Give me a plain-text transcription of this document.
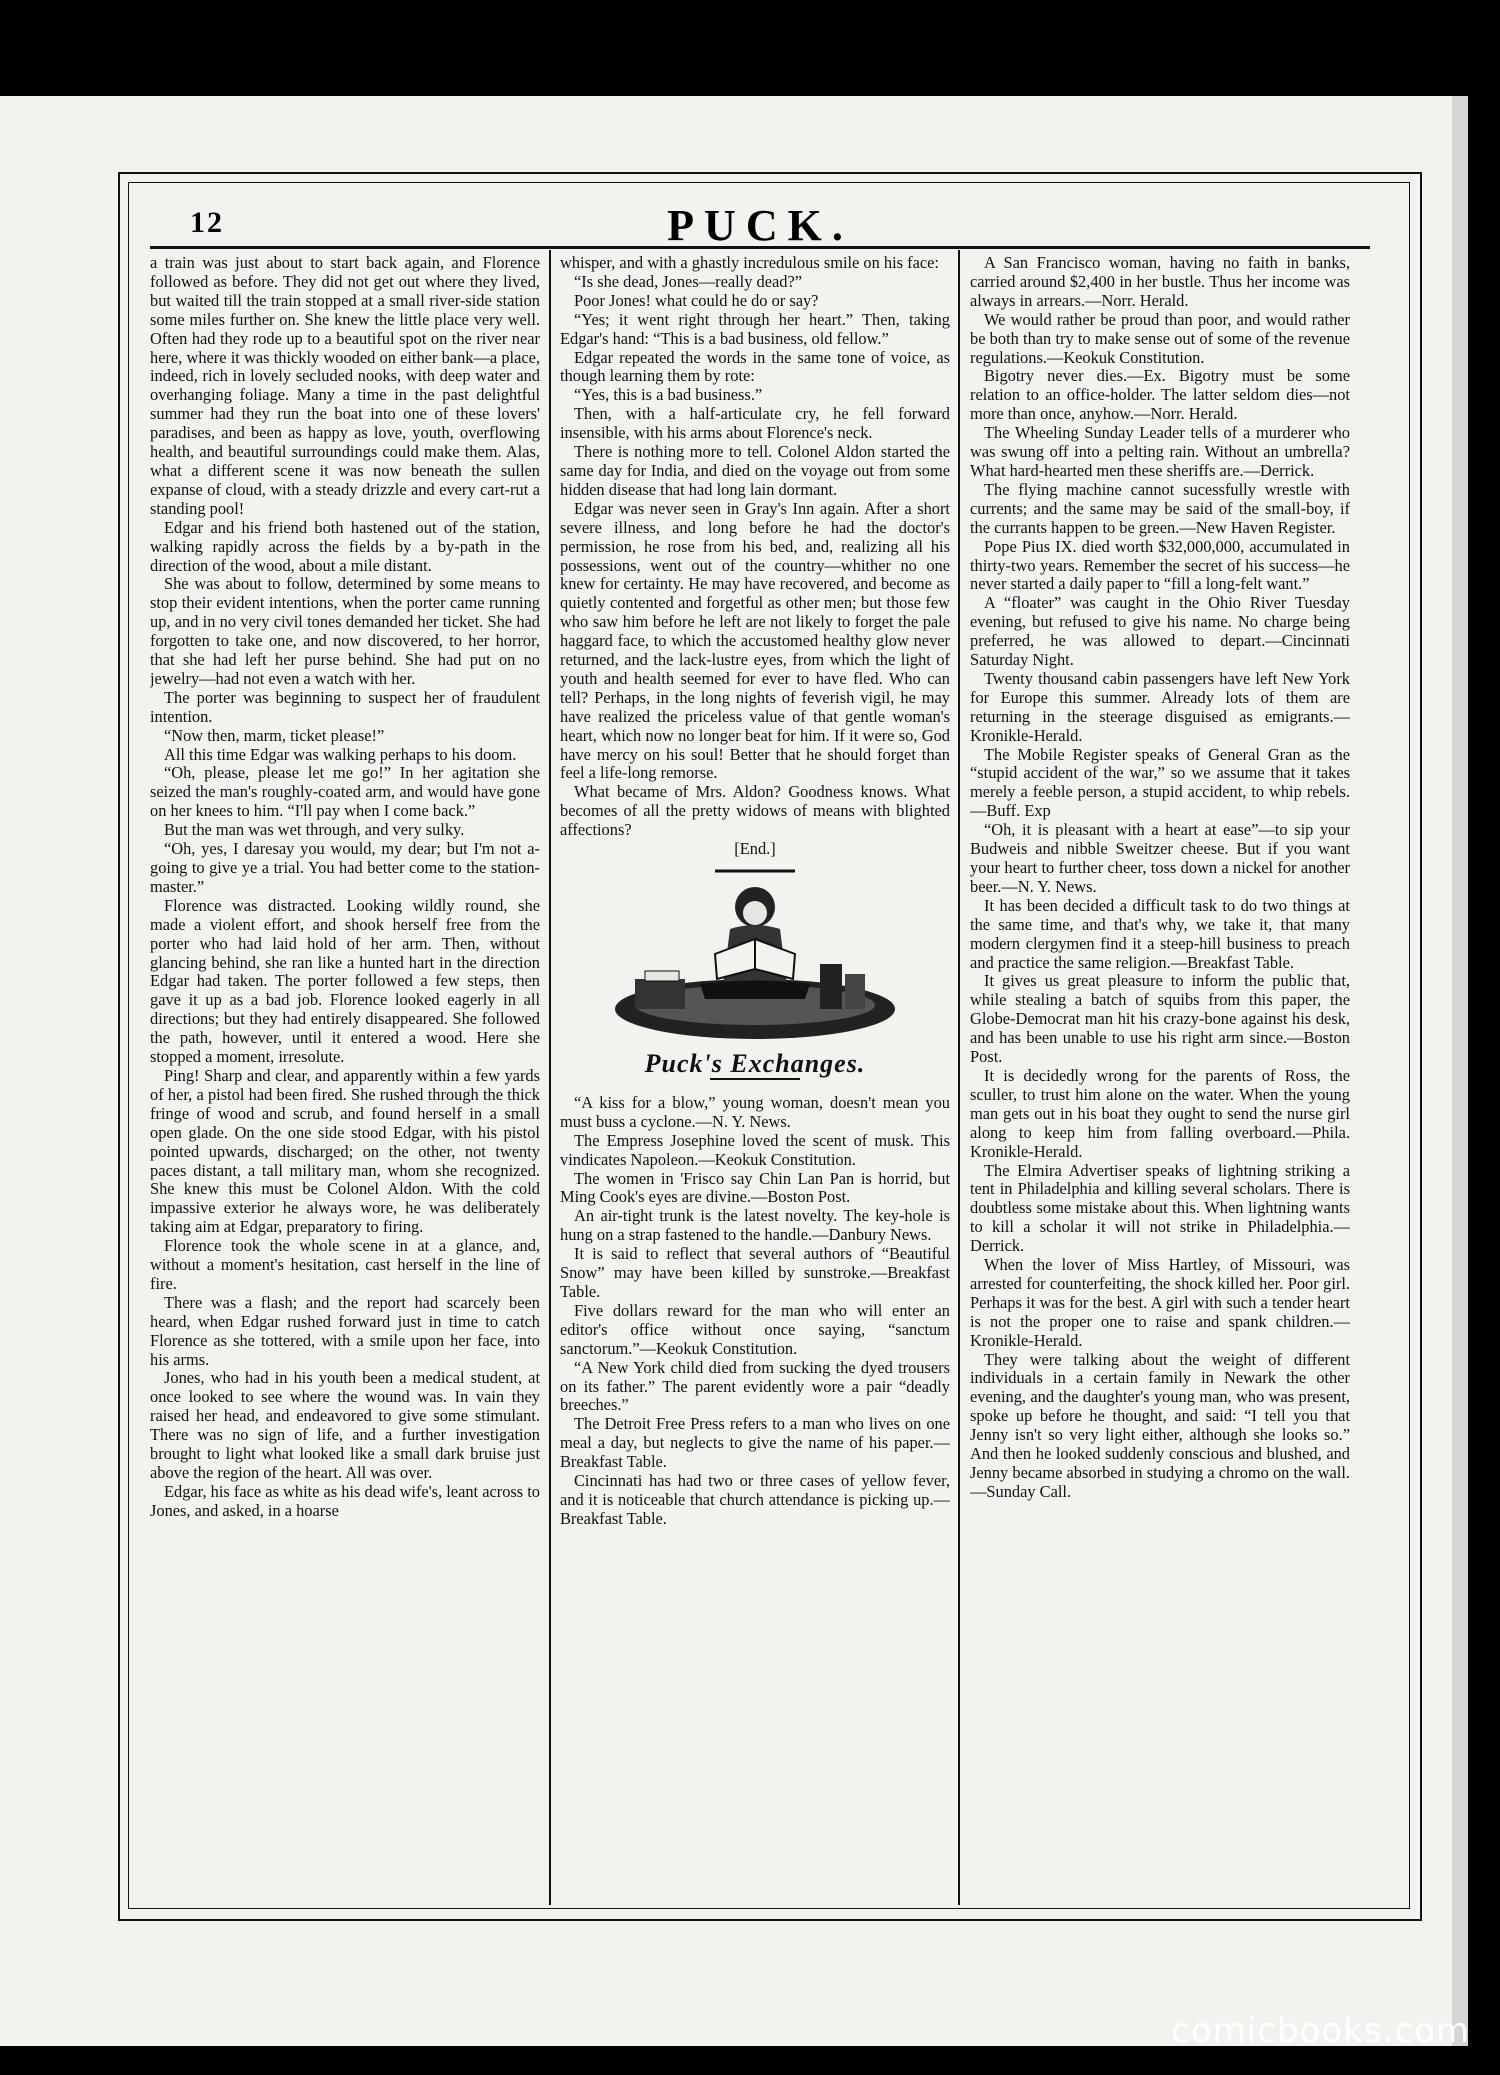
12	PUCK.

a train was just about to start back again, and Florence followed as before. They did not get out where they lived, but waited till the train stopped at a small river-side station some miles further on. She knew the little place very well. Often had they rode up to a beautiful spot on the river near here, where it was thickly wooded on either bank—a place, indeed, rich in lovely secluded nooks, with deep water and overhanging foliage. Many a time in the past delightful summer had they run the boat into one of these lovers' paradises, and been as happy as love, youth, overflowing health, and beautiful surroundings could make them. Alas, what a different scene it was now beneath the sullen expanse of cloud, with a steady drizzle and every cart-rut a standing pool!

Edgar and his friend both hastened out of the station, walking rapidly across the fields by a by-path in the direction of the wood, about a mile distant.

She was about to follow, determined by some means to stop their evident intentions, when the porter came running up, and in no very civil tones demanded her ticket. She had forgotten to take one, and now discovered, to her horror, that she had left her purse behind. She had put on no jewelry—had not even a watch with her.

The porter was beginning to suspect her of fraudulent intention.

“Now then, marm, ticket please!”

All this time Edgar was walking perhaps to his doom.

“Oh, please, please let me go!” In her agitation she seized the man's roughly-coated arm, and would have gone on her knees to him. “I'll pay when I come back.”

But the man was wet through, and very sulky.

“Oh, yes, I daresay you would, my dear; but I'm not a-going to give ye a trial. You had better come to the station-master.”

Florence was distracted. Looking wildly round, she made a violent effort, and shook herself free from the porter who had laid hold of her arm. Then, without glancing behind, she ran like a hunted hart in the direction Edgar had taken. The porter followed a few steps, then gave it up as a bad job. Florence looked eagerly in all directions; but they had entirely disappeared. She followed the path, however, until it entered a wood. Here she stopped a moment, irresolute.

Ping! Sharp and clear, and apparently within a few yards of her, a pistol had been fired. She rushed through the thick fringe of wood and scrub, and found herself in a small open glade. On the one side stood Edgar, with his pistol pointed upwards, discharged; on the other, not twenty paces distant, a tall military man, whom she recognized. She knew this must be Colonel Aldon. With the cold impassive exterior he always wore, he was deliberately taking aim at Edgar, preparatory to firing.

Florence took the whole scene in at a glance, and, without a moment's hesitation, cast herself in the line of fire.

There was a flash; and the report had scarcely been heard, when Edgar rushed forward just in time to catch Florence as she tottered, with a smile upon her face, into his arms.

Jones, who had in his youth been a medical student, at once looked to see where the wound was. In vain they raised her head, and endeavored to give some stimulant. There was no sign of life, and a further investigation brought to light what looked like a small dark bruise just above the region of the heart. All was over.

Edgar, his face as white as his dead wife's, leant across to Jones, and asked, in a hoarse

whisper, and with a ghastly incredulous smile on his face:

“Is she dead, Jones—really dead?”

Poor Jones! what could he do or say?

“Yes; it went right through her heart.” Then, taking Edgar's hand: “This is a bad business, old fellow.”

Edgar repeated the words in the same tone of voice, as though learning them by rote:

“Yes, this is a bad business.”

Then, with a half-articulate cry, he fell forward insensible, with his arms about Florence's neck.

There is nothing more to tell. Colonel Aldon started the same day for India, and died on the voyage out from some hidden disease that had long lain dormant.

Edgar was never seen in Gray's Inn again. After a short severe illness, and long before he had the doctor's permission, he rose from his bed, and, realizing all his possessions, went out of the country—whither no one knew for certainty. He may have recovered, and become as quietly contented and forgetful as other men; but those few who saw him before he left are not likely to forget the pale haggard face, to which the accustomed healthy glow never returned, and the lack-lustre eyes, from which the light of youth and health seemed for ever to have fled. Who can tell? Perhaps, in the long nights of feverish vigil, he may have realized the priceless value of that gentle woman's heart, which now no longer beat for him. If it were so, God have mercy on his soul! Better that he should forget than feel a life-long remorse.

What became of Mrs. Aldon? Goodness knows. What becomes of all the pretty widows of means with blighted affections?

[End.]

Puck's Exchanges.

“A kiss for a blow,” young woman, doesn't mean you must buss a cyclone.—N. Y. News.

The Empress Josephine loved the scent of musk. This vindicates Napoleon.—Keokuk Constitution.

The women in 'Frisco say Chin Lan Pan is horrid, but Ming Cook's eyes are divine.—Boston Post.

An air-tight trunk is the latest novelty. The key-hole is hung on a strap fastened to the handle.—Danbury News.

It is said to reflect that several authors of “Beautiful Snow” may have been killed by sunstroke.—Breakfast Table.

Five dollars reward for the man who will enter an editor's office without once saying, “sanctum sanctorum.”—Keokuk Constitution.

“A New York child died from sucking the dyed trousers on its father.” The parent evidently wore a pair “deadly breeches.”

The Detroit Free Press refers to a man who lives on one meal a day, but neglects to give the name of his paper.—Breakfast Table.

Cincinnati has had two or three cases of yellow fever, and it is noticeable that church attendance is picking up.—Breakfast Table.

A San Francisco woman, having no faith in banks, carried around $2,400 in her bustle. Thus her income was always in arrears.—Norr. Herald.

We would rather be proud than poor, and would rather be both than try to make sense out of some of the revenue regulations.—Keokuk Constitution.

Bigotry never dies.—Ex. Bigotry must be some relation to an office-holder. The latter seldom dies—not more than once, anyhow.—Norr. Herald.

The Wheeling Sunday Leader tells of a murderer who was swung off into a pelting rain. Without an umbrella? What hard-hearted men these sheriffs are.—Derrick.

The flying machine cannot sucessfully wrestle with currents; and the same may be said of the small-boy, if the currants happen to be green.—New Haven Register.

Pope Pius IX. died worth $32,000,000, accumulated in thirty-two years. Remember the secret of his success—he never started a daily paper to “fill a long-felt want.”

A “floater” was caught in the Ohio River Tuesday evening, but refused to give his name. No charge being preferred, he was allowed to depart.—Cincinnati Saturday Night.

Twenty thousand cabin passengers have left New York for Europe this summer. Already lots of them are returning in the steerage disguised as emigrants.—Kronikle-Herald.

The Mobile Register speaks of General Gran as the “stupid accident of the war,” so we assume that it takes merely a feeble person, a stupid accident, to whip rebels.—Buff. Exp

“Oh, it is pleasant with a heart at ease”—to sip your Budweis and nibble Sweitzer cheese. But if you want your heart to further cheer, toss down a nickel for another beer.—N. Y. News.

It has been decided a difficult task to do two things at the same time, and that's why, we take it, that many modern clergymen find it a steep-hill business to preach and practice the same religion.—Breakfast Table.

It gives us great pleasure to inform the public that, while stealing a batch of squibs from this paper, the Globe-Democrat man hit his crazy-bone against his desk, and has been unable to use his right arm since.—Boston Post.

It is decidedly wrong for the parents of Ross, the sculler, to trust him alone on the water. When the young man gets out in his boat they ought to send the nurse girl along to keep him from falling overboard.—Phila. Kronikle-Herald.

The Elmira Advertiser speaks of lightning striking a tent in Philadelphia and killing several scholars. There is doubtless some mistake about this. When lightning wants to kill a scholar it will not strike in Philadelphia.—Derrick.

When the lover of Miss Hartley, of Missouri, was arrested for counterfeiting, the shock killed her. Poor girl. Perhaps it was for the best. A girl with such a tender heart is not the proper one to raise and spank children.—Kronikle-Herald.

They were talking about the weight of different individuals in a certain family in Newark the other evening, and the daughter's young man, who was present, spoke up before he thought, and said: “I tell you that Jenny isn't so very light either, although she looks so.” And then he looked suddenly conscious and blushed, and Jenny became absorbed in studying a chromo on the wall.—Sunday Call.

comicbooks.com
